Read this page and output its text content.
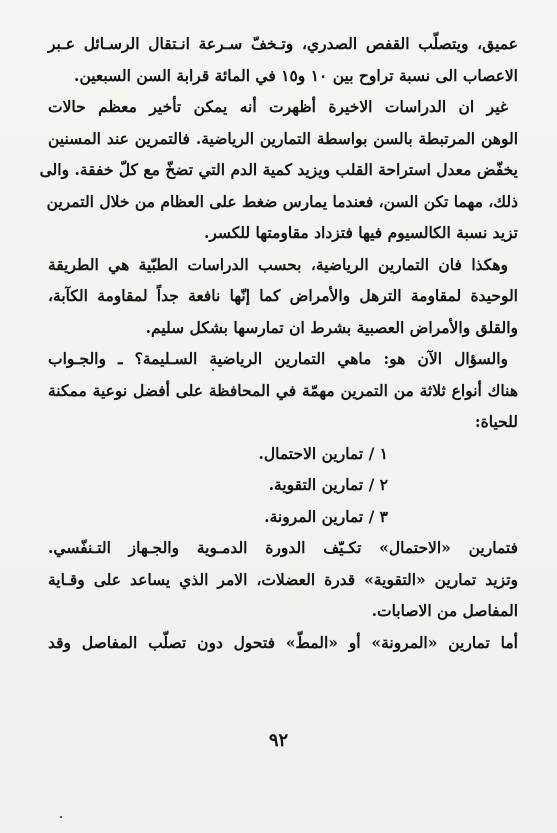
عميق، ويتصلّب القفص الصدري، وتـخفّ سـرعة انـتقال الرسـائل عـبر
الاعصاب الى نسبة تراوح بين ١٠ و١٥ في المائة قرابة السن السبعين.
غير ان الدراسات الاخيرة أظهرت أنه يمكن تأخير معظم حالات
الوهن المرتبطة بالسن بواسطة التمارين الرياضية. فالتمرين عند المسنين
يخفّض معدل استراحة القلب ويزيد كمية الدم التي تضخّ مع كلّ خفقة. والى
ذلك، مهما تكن السن، فعندما يمارس ضغط على العظام من خلال التمرين
تزيد نسبة الكالسيوم فيها فتزداد مقاومتها للكسر.
وهكذا فان التمارين الرياضية، بحسب الدراسات الطبّية هي الطريقة
الوحيدة لمقاومة الترهل والأمراض كما إنّها نافعة جداً لمقاومة الكآبة،
والقلق والأمراض العصبية بشرط ان تمارسها بشكل سليم.
والسؤال الآن هو: ماهي التمارين الرياضية السـليمة؟ ـ والجـواب
هناك أنواع ثلاثة من التمرين مهمّة في المحافظة على أفضل نوعية ممكنة
للحياة:
١ / تمارين الاحتمال.
٢ / تمارين التقوية.
٣ / تمارين المرونة.
فتمارين «الاحتمال» تكـيّف الدورة الدمـوية والجـهاز التـنفّسي.
وتزيد تمارين «التقوية» قدرة العضلات، الامر الذي يساعد على وقـاية
المفاصل من الاصابات.
أما تمارين «المرونة» أو «المطّ» فتحول دون تصلّب المفاصل وقد
٩٢
